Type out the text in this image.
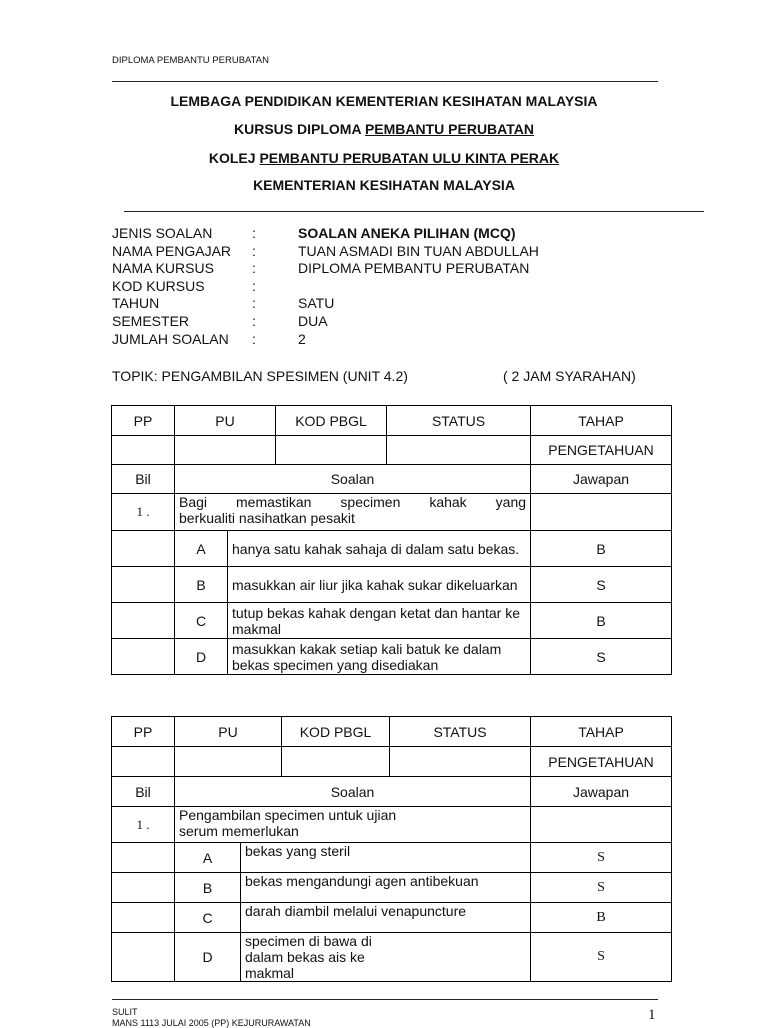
DIPLOMA PEMBANTU PERUBATAN
LEMBAGA PENDIDIKAN KEMENTERIAN KESIHATAN MALAYSIA
KURSUS DIPLOMA PEMBANTU PERUBATAN
KOLEJ PEMBANTU PERUBATAN ULU KINTA PERAK
KEMENTERIAN KESIHATAN MALAYSIA
JENIS SOALAN	:	SOALAN ANEKA PILIHAN (MCQ)
NAMA PENGAJAR	:	TUAN ASMADI BIN TUAN ABDULLAH
NAMA KURSUS	:	DIPLOMA PEMBANTU PERUBATAN
KOD KURSUS	:
TAHUN	:	SATU
SEMESTER	:	DUA
JUMLAH SOALAN	:	2
TOPIK: PENGAMBILAN SPESIMEN (UNIT 4.2)	( 2 JAM SYARAHAN)
PP	PU		KOD PBGL	STATUS	TAHAP
					PENGETAHUAN
Bil	Soalan				Jawapan
1 .	Bagi memastikan specimen kahak yang
berkualiti nasihatkan pesakit				

	A	hanya satu kahak sahaja di dalam satu bekas.			B
	B	masukkan air liur jika kahak sukar dikeluarkan			S
	C	tutup bekas kahak dengan ketat dan hantar ke makmal			B
	D	masukkan kakak setiap kali batuk ke dalam bekas specimen yang disediakan			S
PP	PU		KOD PBGL	STATUS	TAHAP
					PENGETAHUAN
Bil	Soalan				Jawapan
1 .	Pengambilan specimen untuk ujian serum memerlukan				
	A	bekas yang steril			S
	B	bekas mengandungi agen antibekuan			S
	C	darah diambil melalui venapuncture			B
	D	specimen di bawa di dalam bekas ais ke makmal			S
SULIT
MANS 1113 JULAI 2005 (PP) KEJURURAWATAN	1
